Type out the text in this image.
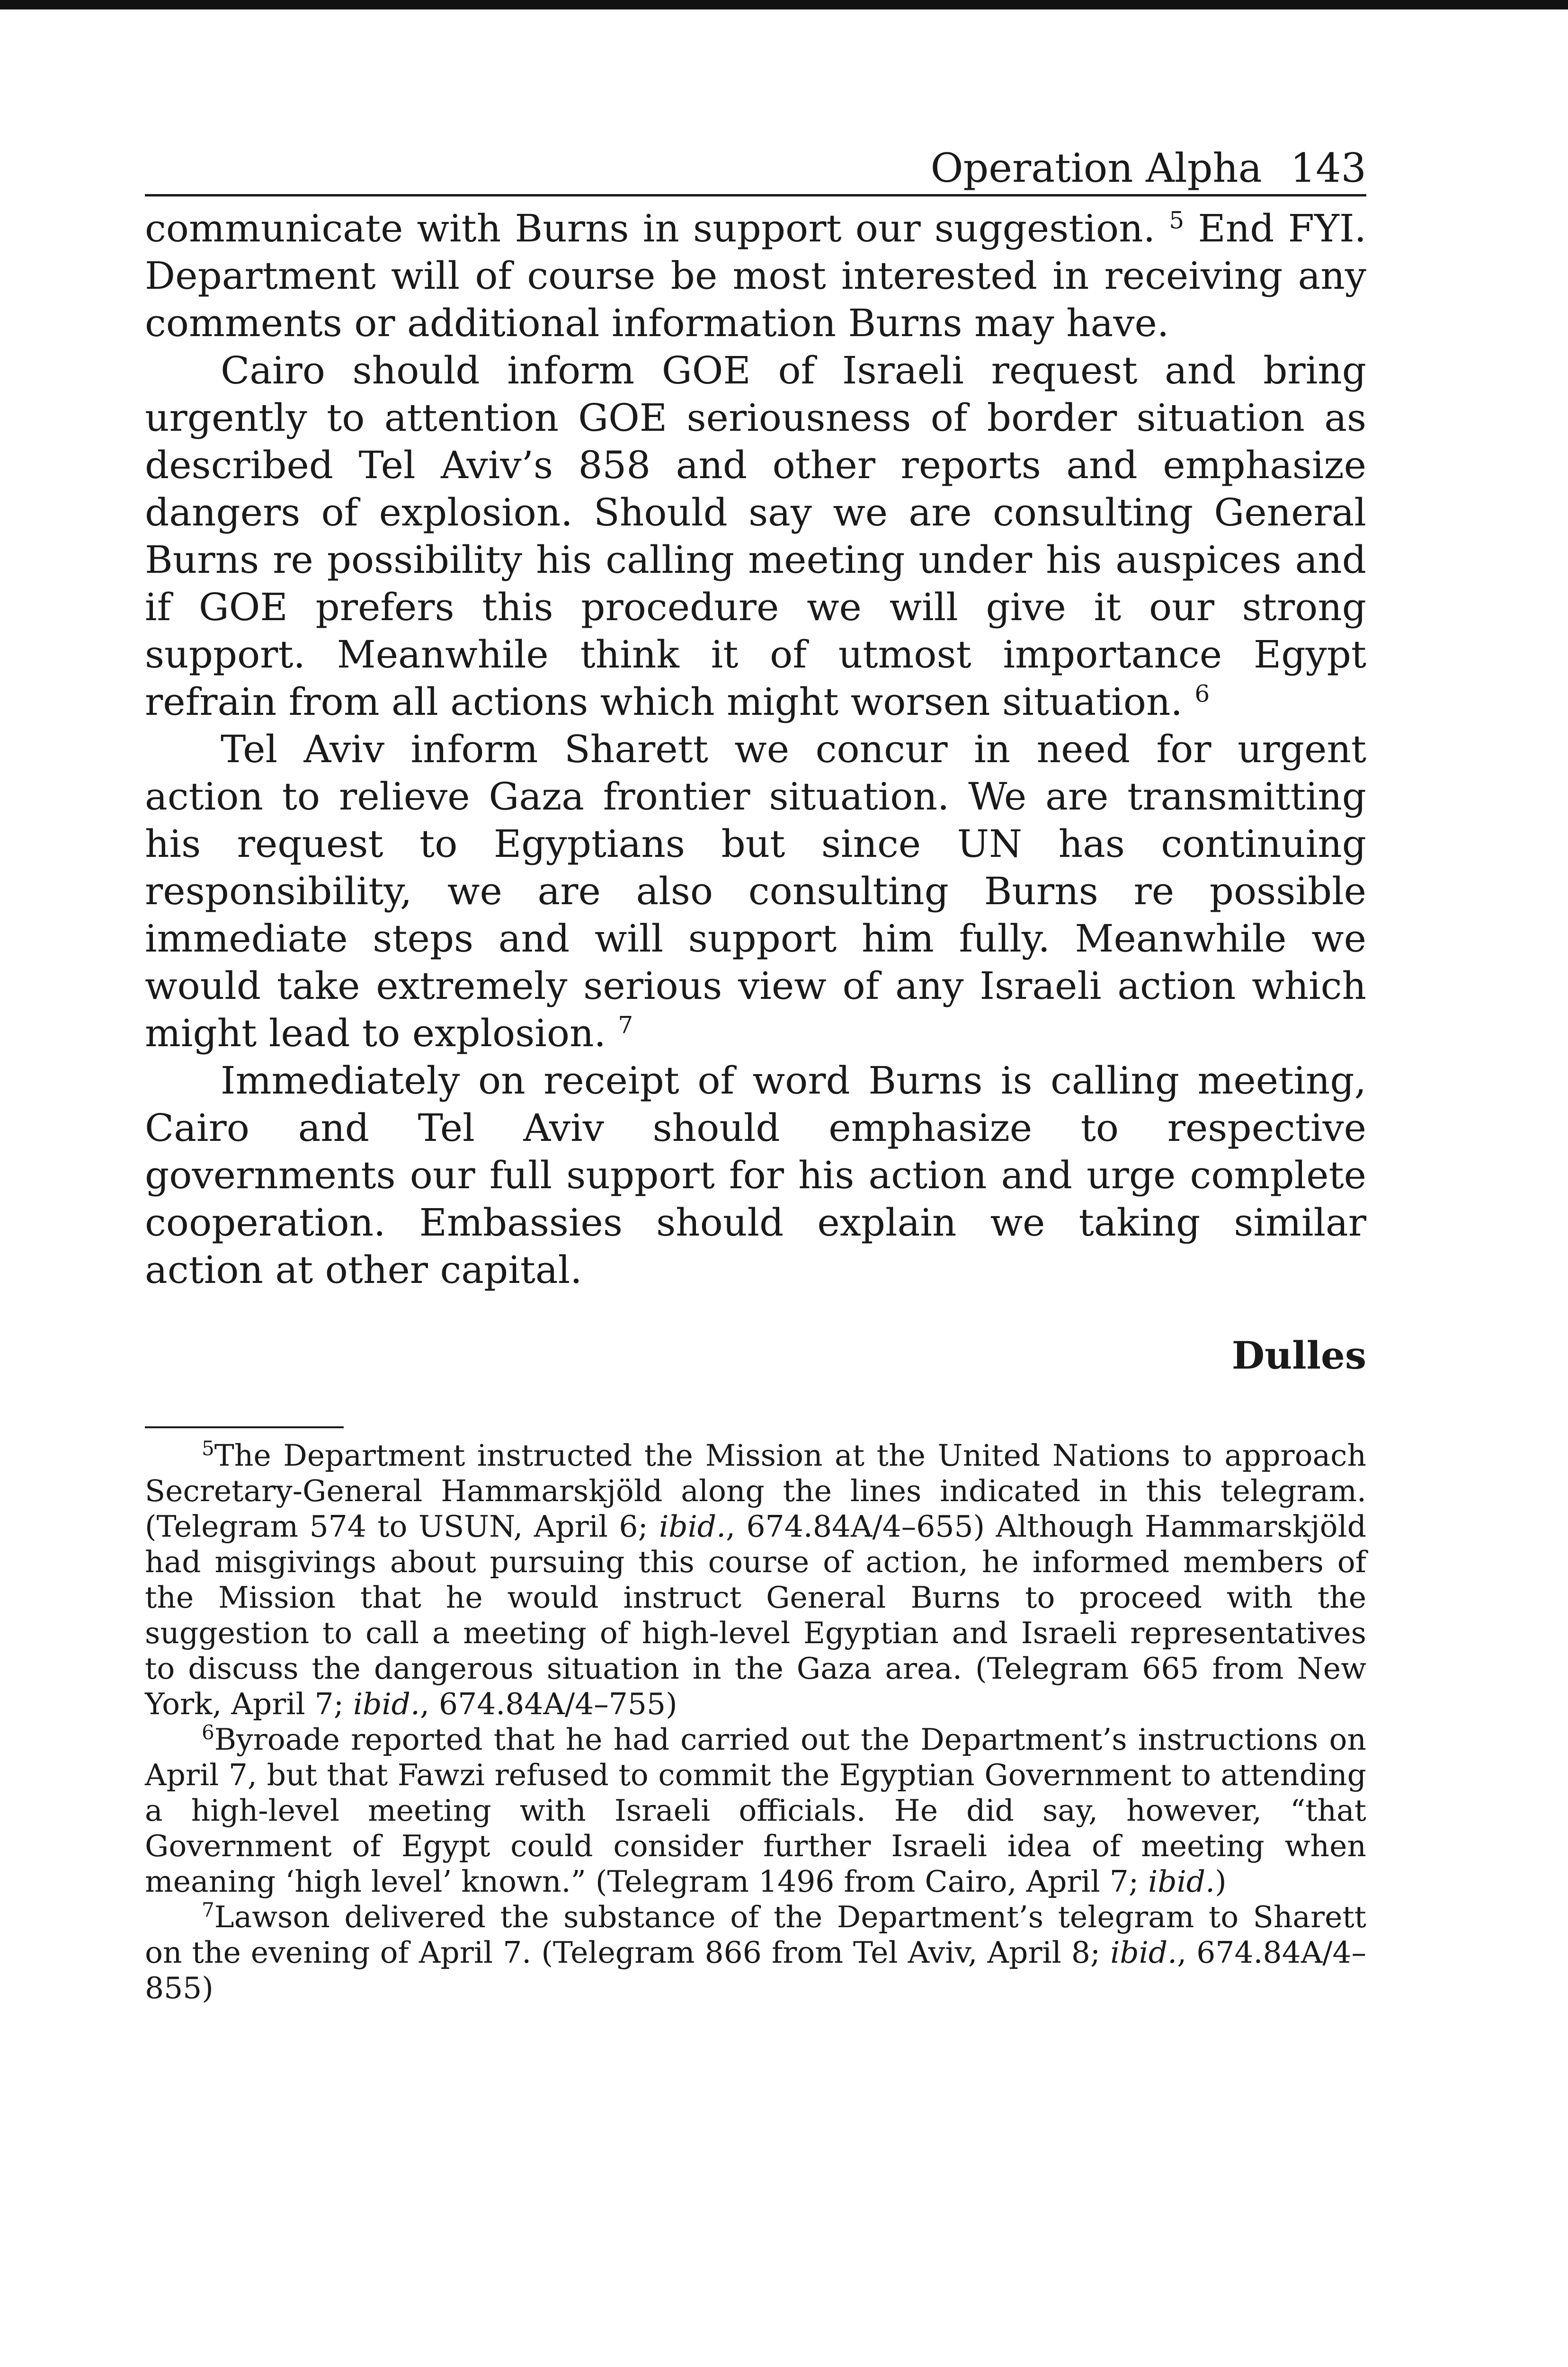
Operation Alpha 143

communicate with Burns in support our suggestion. $^5$ End FYI. Department will of course be most interested in receiving any comments or additional information Burns may have.

Cairo should inform GOE of Israeli request and bring urgently to attention GOE seriousness of border situation as described Tel Aviv’s 858 and other reports and emphasize dangers of explosion. Should say we are consulting General Burns re possibility his calling meeting under his auspices and if GOE prefers this procedure we will give it our strong support. Meanwhile think it of utmost importance Egypt refrain from all actions which might worsen situation. $^6$

Tel Aviv inform Sharett we concur in need for urgent action to relieve Gaza frontier situation. We are transmitting his request to Egyptians but since UN has continuing responsibility, we are also consulting Burns re possible immediate steps and will support him fully. Meanwhile we would take extremely serious view of any Israeli action which might lead to explosion. $^7$

Immediately on receipt of word Burns is calling meeting, Cairo and Tel Aviv should emphasize to respective governments our full support for his action and urge complete cooperation. Embassies should explain we taking similar action at other capital.

Dulles

$^5$The Department instructed the Mission at the United Nations to approach Secretary-General Hammarskjöld along the lines indicated in this telegram. (Telegram 574 to USUN, April 6; ibid., 674.84A/4–655) Although Hammarskjöld had misgivings about pursuing this course of action, he informed members of the Mission that he would instruct General Burns to proceed with the suggestion to call a meeting of high-level Egyptian and Israeli representatives to discuss the dangerous situation in the Gaza area. (Telegram 665 from New York, April 7; ibid., 674.84A/4–755)

$^6$Byroade reported that he had carried out the Department’s instructions on April 7, but that Fawzi refused to commit the Egyptian Government to attending a high-level meeting with Israeli officials. He did say, however, “that Government of Egypt could consider further Israeli idea of meeting when meaning ‘high level’ known.” (Telegram 1496 from Cairo, April 7; ibid.)

$^7$Lawson delivered the substance of the Department’s telegram to Sharett on the evening of April 7. (Telegram 866 from Tel Aviv, April 8; ibid., 674.84A/4–855)
